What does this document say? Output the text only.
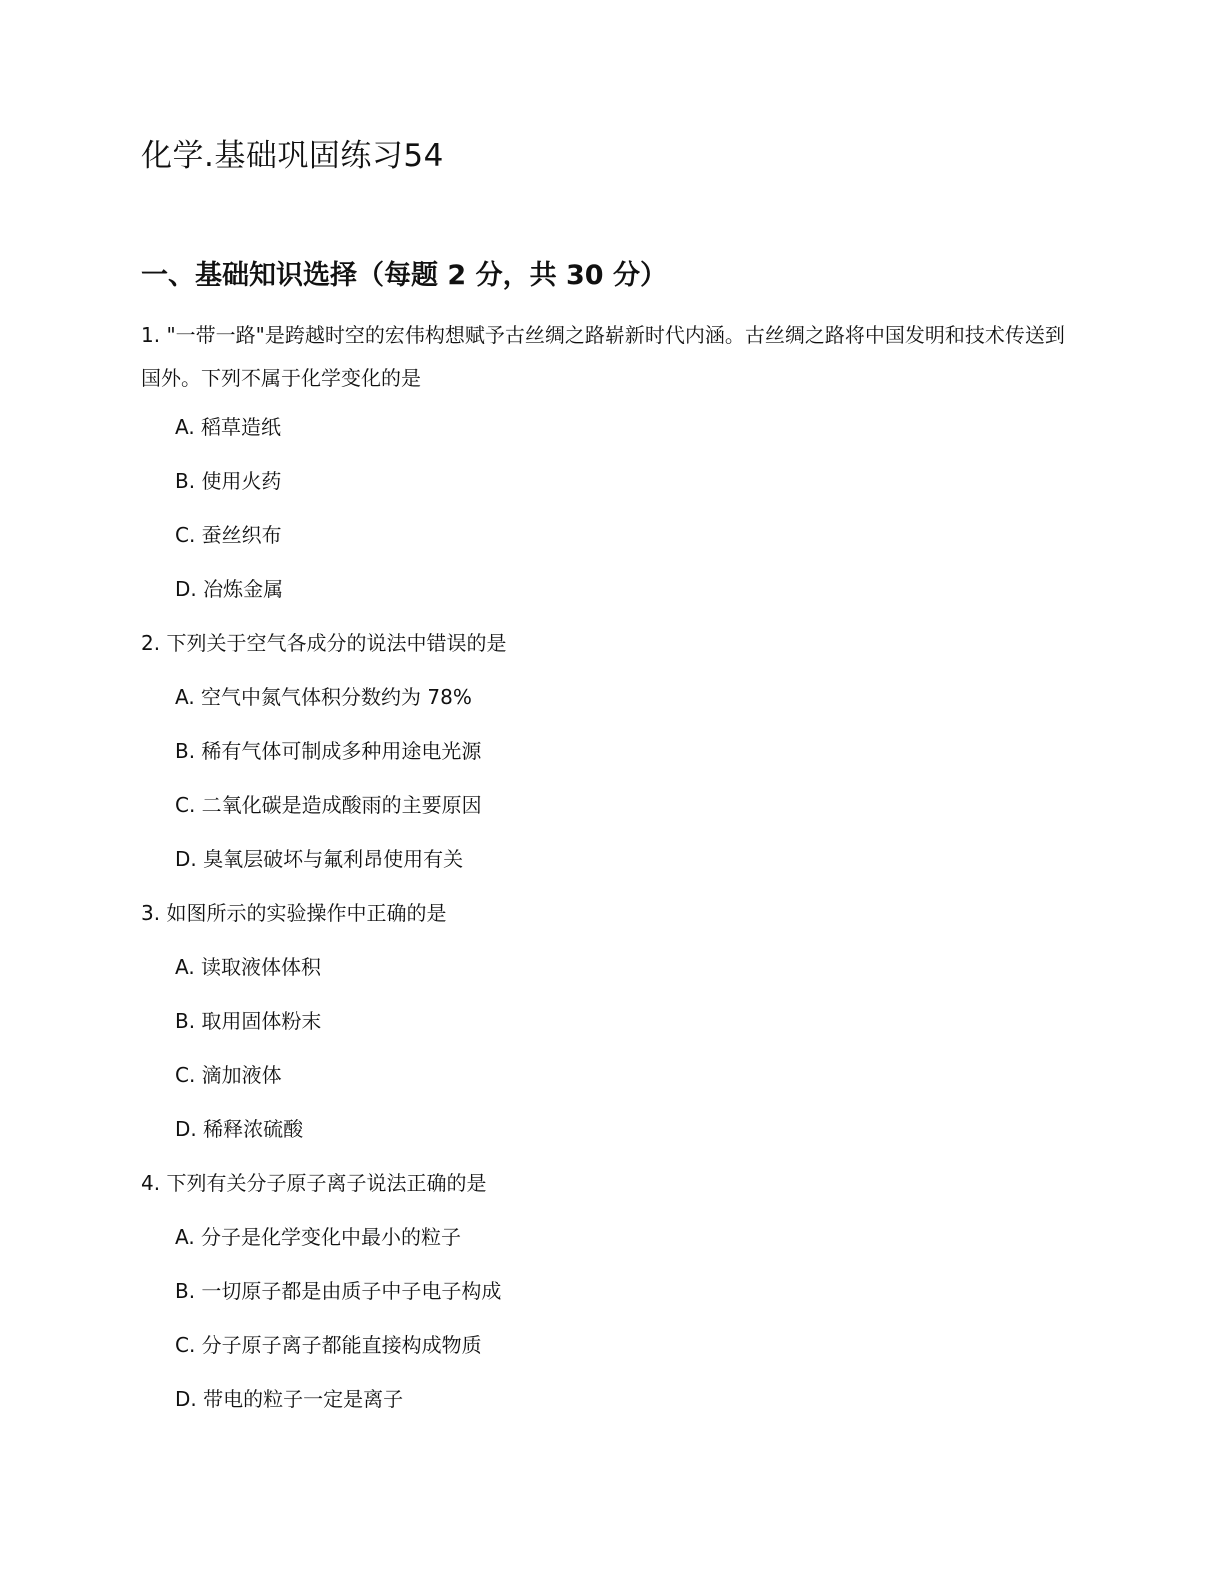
化学.基础巩固练习54
一、基础知识选择（每题 2 分，共 30 分）

1. "一带一路"是跨越时空的宏伟构想赋予古丝绸之路崭新时代内涵。古丝绸之路将中国发明和技术传送到国外。下列不属于化学变化的是

A. 稻草造纸
B. 使用火药
C. 蚕丝织布
D. 冶炼金属

2. 下列关于空气各成分的说法中错误的是

A. 空气中氮气体积分数约为 78%
B. 稀有气体可制成多种用途电光源
C. 二氧化碳是造成酸雨的主要原因
D. 臭氧层破坏与氟利昂使用有关

3. 如图所示的实验操作中正确的是

A. 读取液体体积
B. 取用固体粉末
C. 滴加液体
D. 稀释浓硫酸

4. 下列有关分子原子离子说法正确的是

A. 分子是化学变化中最小的粒子
B. 一切原子都是由质子中子电子构成
C. 分子原子离子都能直接构成物质
D. 带电的粒子一定是离子
